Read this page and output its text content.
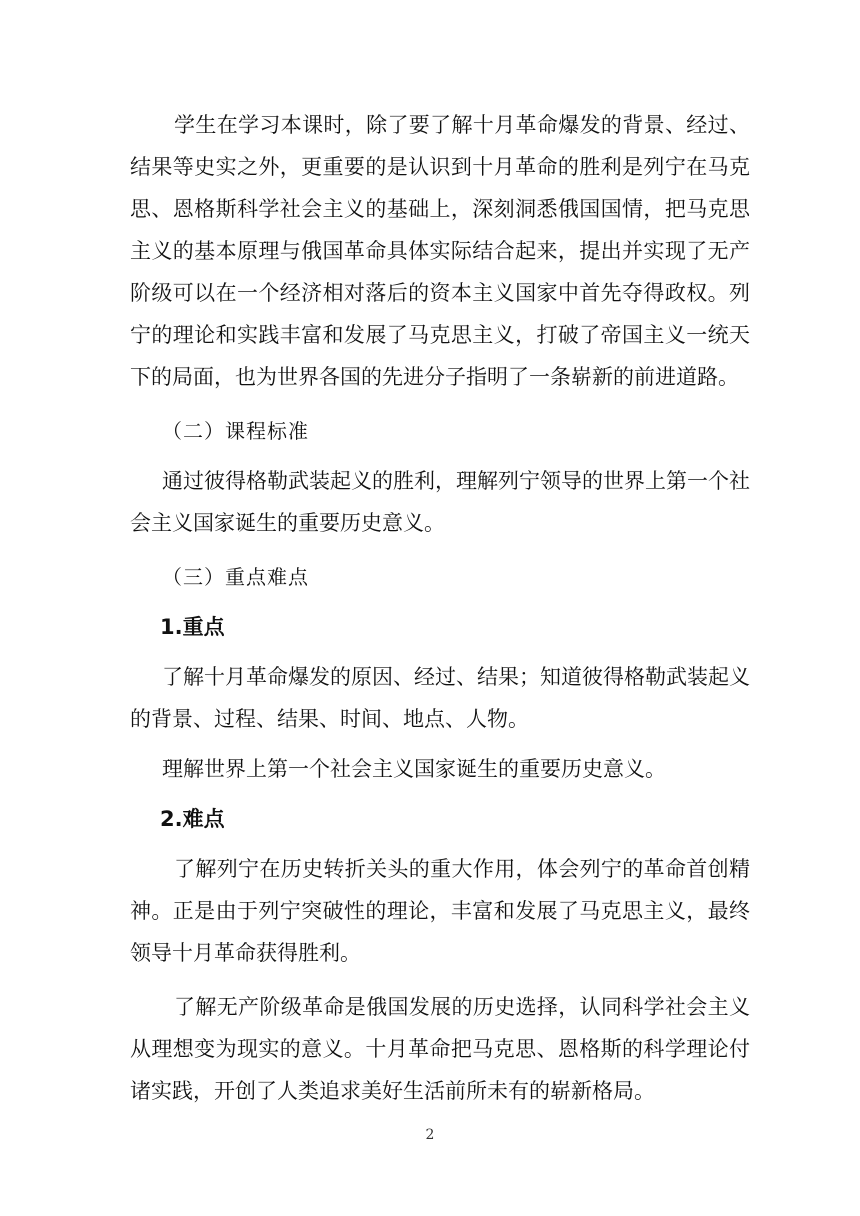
学生在学习本课时，除了要了解十月革命爆发的背景、经过、结果等史实之外，更重要的是认识到十月革命的胜利是列宁在马克思、恩格斯科学社会主义的基础上，深刻洞悉俄国国情，把马克思主义的基本原理与俄国革命具体实际结合起来，提出并实现了无产阶级可以在一个经济相对落后的资本主义国家中首先夺得政权。列宁的理论和实践丰富和发展了马克思主义，打破了帝国主义一统天下的局面，也为世界各国的先进分子指明了一条崭新的前进道路。

（二）课程标准

通过彼得格勒武装起义的胜利，理解列宁领导的世界上第一个社会主义国家诞生的重要历史意义。

（三）重点难点
1.重点

了解十月革命爆发的原因、经过、结果；知道彼得格勒武装起义的背景、过程、结果、时间、地点、人物。

理解世界上第一个社会主义国家诞生的重要历史意义。

2.难点

了解列宁在历史转折关头的重大作用，体会列宁的革命首创精神。正是由于列宁突破性的理论，丰富和发展了马克思主义，最终领导十月革命获得胜利。

了解无产阶级革命是俄国发展的历史选择，认同科学社会主义从理想变为现实的意义。十月革命把马克思、恩格斯的科学理论付诸实践，开创了人类追求美好生活前所未有的崭新格局。

2
